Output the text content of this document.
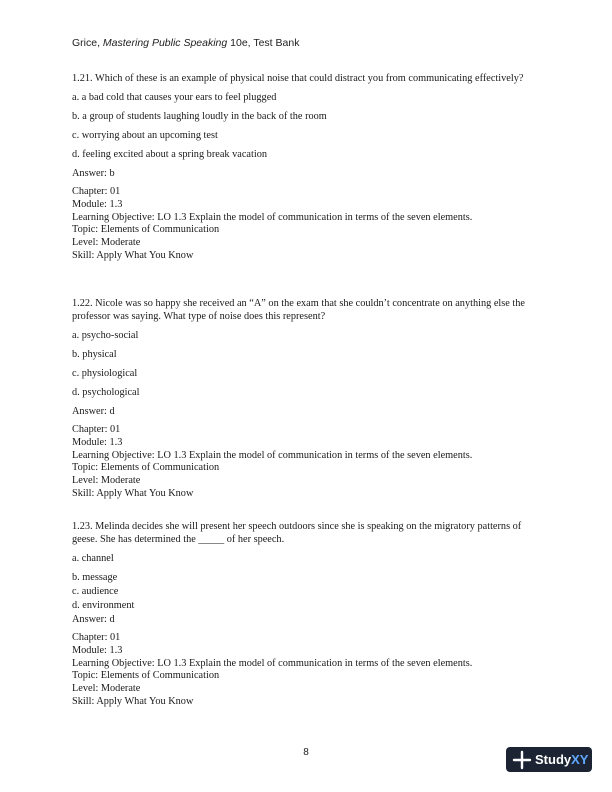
Grice, Mastering Public Speaking 10e, Test Bank

1.21. Which of these is an example of physical noise that could distract you from communicating effectively?

a. a bad cold that causes your ears to feel plugged

b. a group of students laughing loudly in the back of the room

c. worrying about an upcoming test

d. feeling excited about a spring break vacation

Answer: b

Chapter: 01
Module: 1.3
Learning Objective: LO 1.3 Explain the model of communication in terms of the seven elements.
Topic: Elements of Communication
Level: Moderate
Skill: Apply What You Know

1.22. Nicole was so happy she received an “A” on the exam that she couldn’t concentrate on anything else the professor was saying. What type of noise does this represent?

a. psycho-social

b. physical

c. physiological

d. psychological

Answer: d

Chapter: 01
Module: 1.3
Learning Objective: LO 1.3 Explain the model of communication in terms of the seven elements.
Topic: Elements of Communication
Level: Moderate
Skill: Apply What You Know

1.23. Melinda decides she will present her speech outdoors since she is speaking on the migratory patterns of geese. She has determined the _____ of her speech.

a. channel

b. message

c. audience

d. environment

Answer: d

Chapter: 01
Module: 1.3
Learning Objective: LO 1.3 Explain the model of communication in terms of the seven elements.
Topic: Elements of Communication
Level: Moderate
Skill: Apply What You Know
8	Study XY
